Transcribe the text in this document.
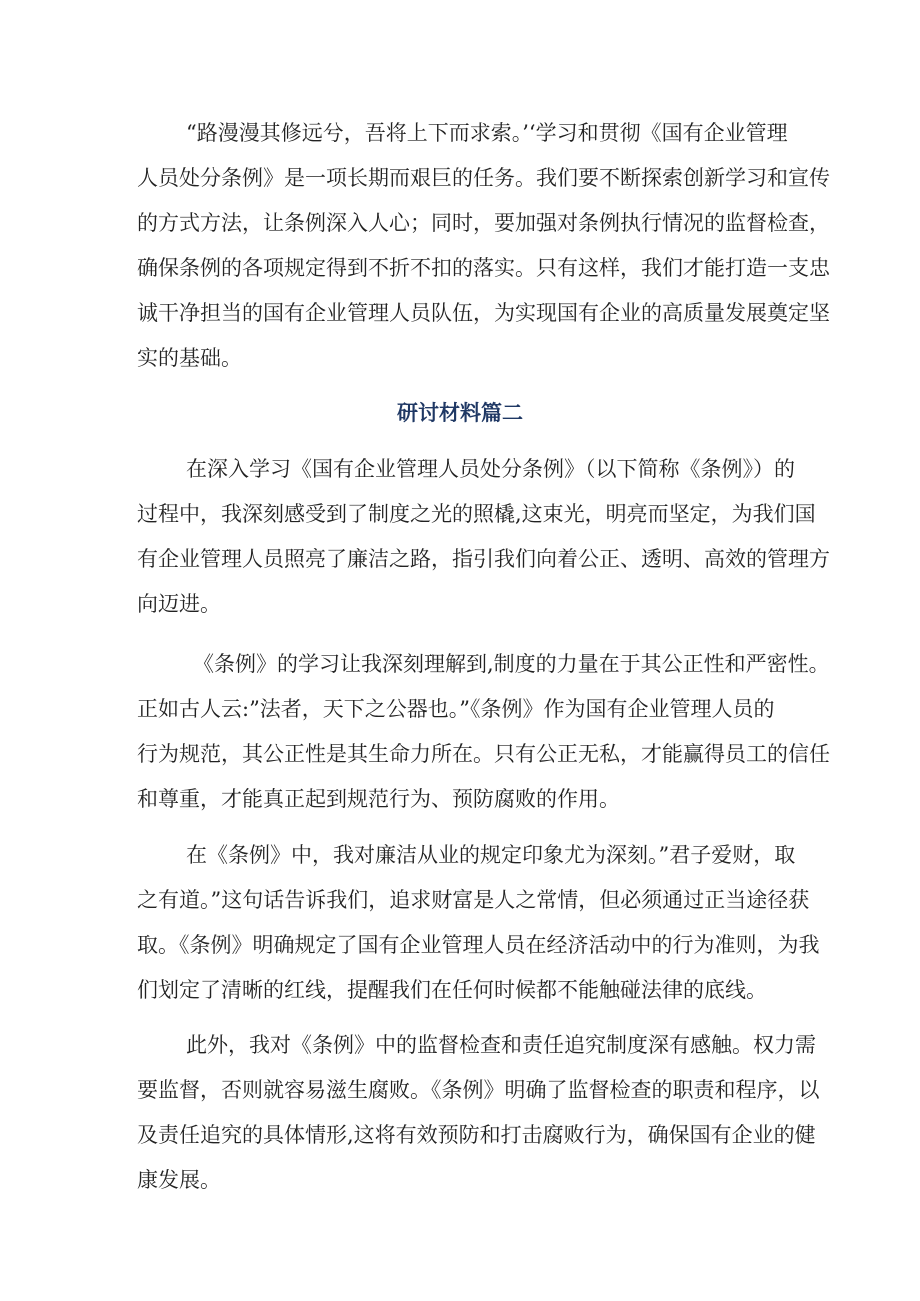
“路漫漫其修远兮，吾将上下而求索。’‘学习和贯彻《国有企业管理
人员处分条例》是一项长期而艰巨的任务。我们要不断探索创新学习和宣传
的方式方法，让条例深入人心；同时，要加强对条例执行情况的监督检查，
确保条例的各项规定得到不折不扣的落实。只有这样，我们才能打造一支忠
诚干净担当的国有企业管理人员队伍，为实现国有企业的高质量发展奠定坚
实的基础。
研讨材料篇二
在深入学习《国有企业管理人员处分条例》（以下简称《条例》）的
过程中，我深刻感受到了制度之光的照橇,这束光，明亮而坚定，为我们国
有企业管理人员照亮了廉洁之路，指引我们向着公正、透明、高效的管理方
向迈进。
《条例》的学习让我深刻理解到,制度的力量在于其公正性和严密性。
正如古人云:”法者，天下之公器也。”《条例》作为国有企业管理人员的
行为规范，其公正性是其生命力所在。只有公正无私，才能赢得员工的信任
和尊重，才能真正起到规范行为、预防腐败的作用。
在《条例》中，我对廉洁从业的规定印象尤为深刻。”君子爱财，取
之有道。”这句话告诉我们，追求财富是人之常情，但必须通过正当途径获
取。《条例》明确规定了国有企业管理人员在经济活动中的行为准则，为我
们划定了清晰的红线，提醒我们在任何时候都不能触碰法律的底线。
此外，我对《条例》中的监督检查和责任追究制度深有感触。权力需
要监督，否则就容易滋生腐败。《条例》明确了监督检查的职责和程序，以
及责任追究的具体情形,这将有效预防和打击腐败行为，确保国有企业的健
康发展。
